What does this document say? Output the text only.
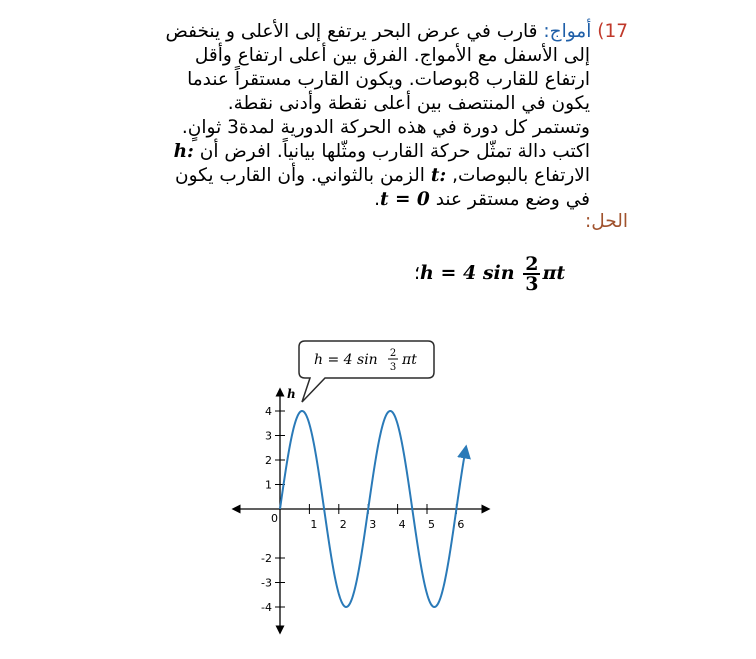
17) أمواج: قارب في عرض البحر يرتفع إلى الأعلى و ينخفض
إلى الأسفل مع الأمواج. الفرق بين أعلى ارتفاع وأقل
ارتفاع للقارب 8بوصات. ويكون القارب مستقراً عندما
يكون في المنتصف بين أعلى نقطة وأدنى نقطة.
وتستمر كل دورة في هذه الحركة الدورية لمدة3 ثوانٍ.
اكتب دالة تمثّل حركة القارب ومثّلها بيانياً. افرض أن h:
الارتفاع بالبوصات, t: الزمن بالثواني. وأن القارب يكون
في وضع مستقر عند t = 0.
الحل:
؛h = 4 $\sin \frac{2}{3}$ πt
h = 4 sin 2
3 πt
h
0	1 2 3 4 5 6
4
3
2
1
-2
-3
-4
